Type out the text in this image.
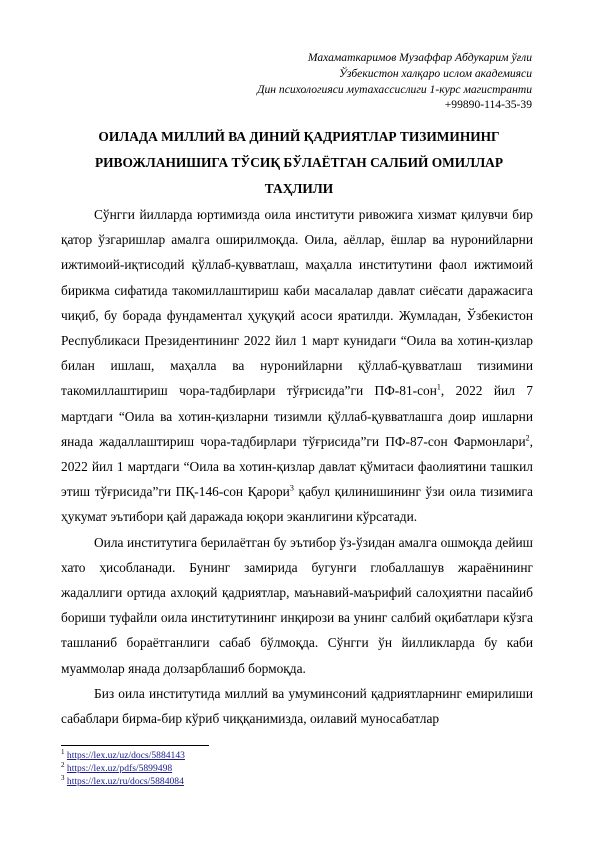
Махаматкаримов Музаффар Абдукарим ўғли
Ўзбекистон халқаро ислом академияси
Дин психологияси мутахассислиги 1-курс магистранти
+99890-114-35-39
ОИЛАДА МИЛЛИЙ ВА ДИНИЙ ҚАДРИЯТЛАР ТИЗИМИНИНГ
РИВОЖЛАНИШИГА ТЎСИҚ БЎЛАЁТГАН САЛБИЙ ОМИЛЛАР
ТАҲЛИЛИ

Сўнгги йилларда юртимизда оила институти ривожига хизмат қилувчи бир қатор ўзгаришлар амалга оширилмоқда. Оила, аёллар, ёшлар ва нуронийларни ижтимоий-иқтисодий қўллаб-қувватлаш, маҳалла институтини фаол ижтимоий бирикма сифатида такомиллаштириш каби масалалар давлат сиёсати даражасига чиқиб, бу борада фундаментал ҳуқуқий асоси яратилди. Жумладан, Ўзбекистон Республикаси Президентининг 2022 йил 1 март кунидаги “Оила ва хотин-қизлар билан ишлаш, маҳалла ва нуронийларни қўллаб-қувватлаш тизимини такомиллаштириш чора-тадбирлари тўғрисида”ги ПФ-81-сон$^1$, 2022 йил 7 мартдаги “Оила ва хотин-қизларни тизимли қўллаб-қувватлашга доир ишларни янада жадаллаштириш чора-тадбирлари тўғрисида”ги ПФ-87-сон Фармонлари$^2$, 2022 йил 1 мартдаги “Оила ва хотин-қизлар давлат қўмитаси фаолиятини ташкил этиш тўғрисида”ги ПҚ-146-сон Қарори$^3$ қабул қилинишининг ўзи оила тизимига ҳукумат эътибори қай даражада юқори эканлигини кўрсатади.

Оила институтига берилаётган бу эътибор ўз-ўзидан амалга ошмоқда дейиш хато ҳисобланади. Бунинг замирида бугунги глобаллашув жараёнининг жадаллиги ортида ахлоқий қадриятлар, маънавий-маърифий салоҳиятни пасайиб бориши туфайли оила институтининг инқирози ва унинг салбий оқибатлари кўзга ташланиб бораётганлиги сабаб бўлмоқда. Сўнгги ўн йилликларда бу каби муаммолар янада долзарблашиб бормоқда.

Биз оила институтида миллий ва умуминсоний қадриятларнинг емирилиши сабаблари бирма-бир кўриб чиққанимизда, оилавий муносабатлар

$^1$ https://lex.uz/uz/docs/5884143
$^2$ https://lex.uz/pdfs/5899498
$^3$ https://lex.uz/ru/docs/5884084
